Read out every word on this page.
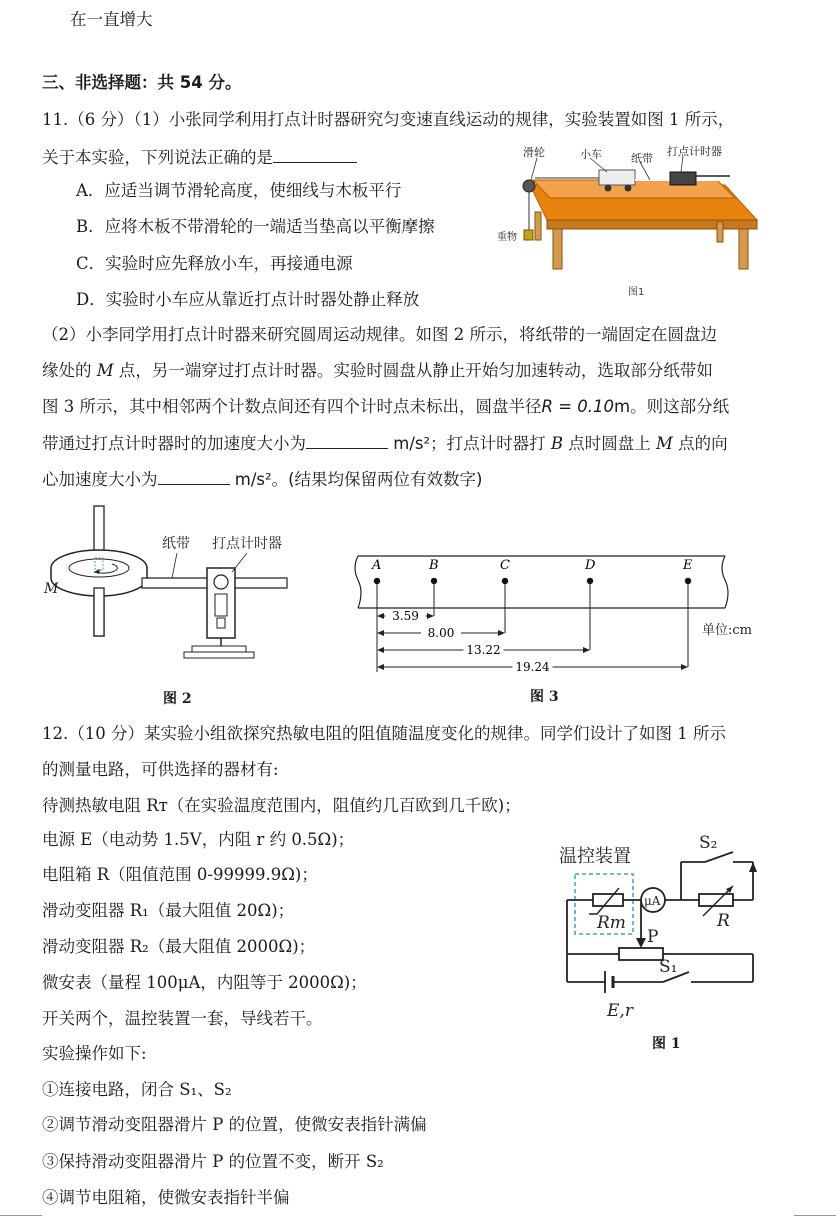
在一直增大
三、非选择题：共 54 分。
11.（6 分）（1）小张同学利用打点计时器研究匀变速直线运动的规律，实验装置如图 1 所示，
关于本实验，下列说法正确的是
A．应适当调节滑轮高度，使细线与木板平行
B．应将木板不带滑轮的一端适当垫高以平衡摩擦
C．实验时应先释放小车，再接通电源
D．实验时小车应从靠近打点计时器处静止释放
（2）小李同学用打点计时器来研究圆周运动规律。如图 2 所示，将纸带的一端固定在圆盘边
缘处的 M 点，另一端穿过打点计时器。实验时圆盘从静止开始匀加速转动，选取部分纸带如
图 3 所示，其中相邻两个计数点间还有四个计时点未标出，圆盘半径R = 0.10m。则这部分纸
带通过打点计时器时的加速度大小为	m/s²；打点计时器打 B 点时圆盘上 M 点的向
心加速度大小为	m/s²。(结果均保留两位有效数字)
12.（10 分）某实验小组欲探究热敏电阻的阻值随温度变化的规律。同学们设计了如图 1 所示
的测量电路，可供选择的器材有:
待测热敏电阻 Rт（在实验温度范围内，阻值约几百欧到几千欧)；
电源 E（电动势 1.5V，内阻 r 约 0.5Ω)；
电阻箱 R（阻值范围 0-99999.9Ω)；
滑动变阻器 R₁（最大阻值 20Ω)；
滑动变阻器 R₂（最大阻值 2000Ω)；
微安表（量程 100μA，内阻等于 2000Ω)；
开关两个，温控装置一套，导线若干。
实验操作如下:
①连接电路，闭合 S₁、S₂
②调节滑动变阻器滑片 P 的位置，使微安表指针满偏
③保持滑动变阻器滑片 P 的位置不变，断开 S₂
④调节电阻箱，使微安表指针半偏
滑轮	小车	纸带
打点计时器
重物
图1
纸带 打点计时器
M
图 2
A	B	C	D	E
3.59
8.00
13.22
19.24
单位:cm
图 3
温控装置
μA
S₂
R
Rт
P
S₁
E,r
图 1
